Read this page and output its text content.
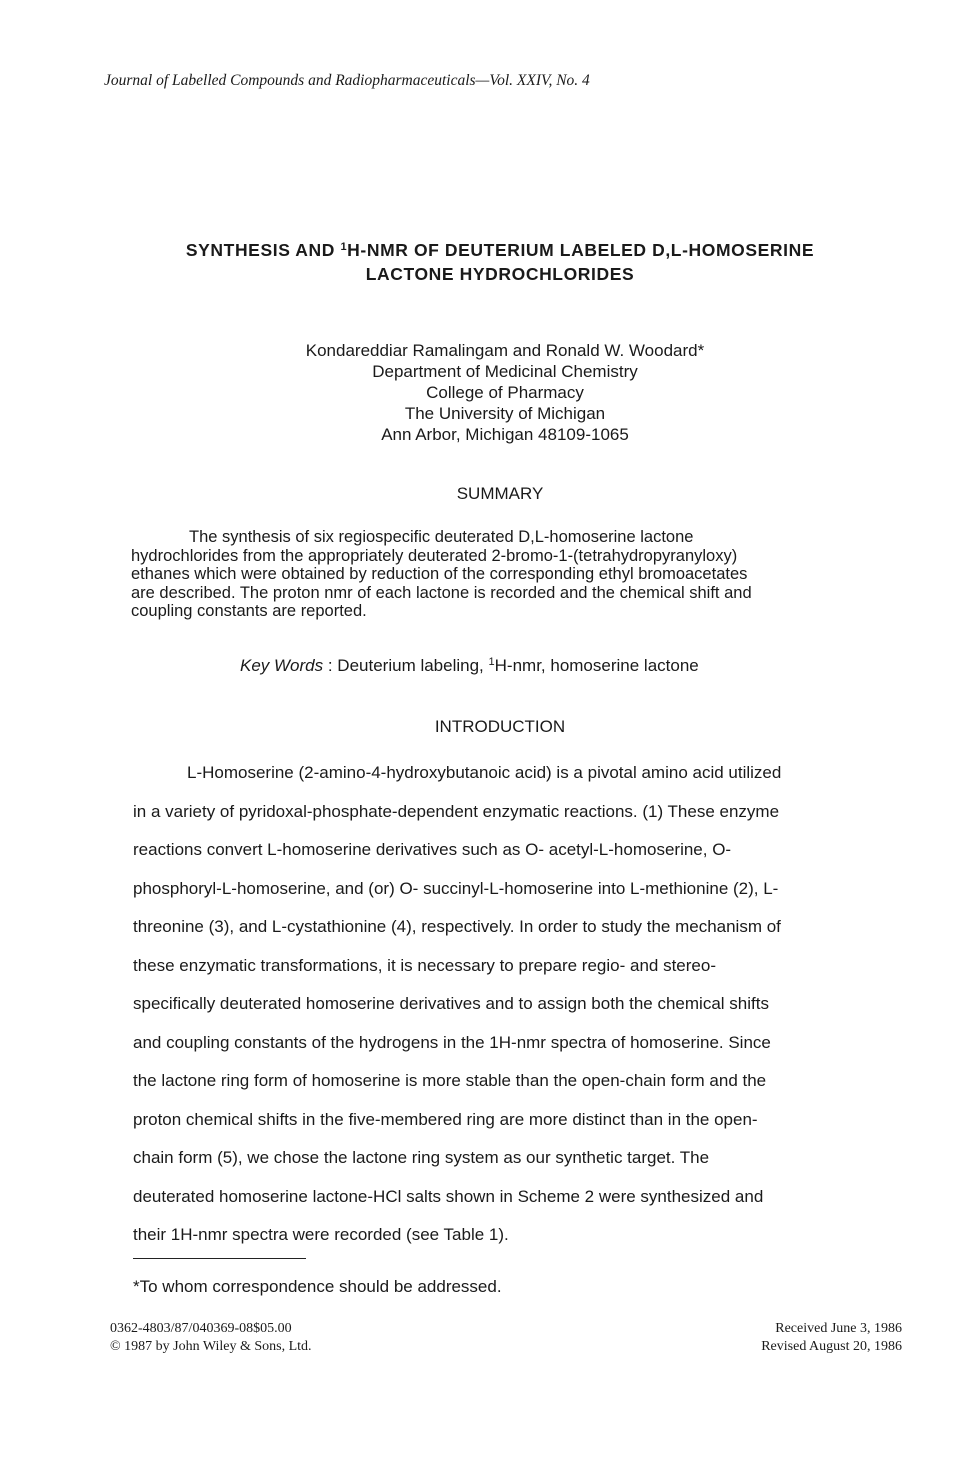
Journal of Labelled Compounds and Radiopharmaceuticals—Vol. XXIV, No. 4
SYNTHESIS AND $^1$H-NMR OF DEUTERIUM LABELED D,L-HOMOSERINE
LACTONE HYDROCHLORIDES
Kondareddiar Ramalingam and Ronald W. Woodard*
Department of Medicinal Chemistry
College of Pharmacy
The University of Michigan
Ann Arbor, Michigan 48109-1065
SUMMARY
The synthesis of six regiospecific deuterated D,L-homoserine lactone
hydrochlorides from the appropriately deuterated 2-bromo-1-(tetrahydropyranyloxy)
ethanes which were obtained by reduction of the corresponding ethyl bromoacetates
are described. The proton nmr of each lactone is recorded and the chemical shift and
coupling constants are reported.
Key Words : Deuterium labeling, $^1$H-nmr, homoserine lactone
INTRODUCTION
L-Homoserine (2-amino-4-hydroxybutanoic acid) is a pivotal amino acid utilized
in a variety of pyridoxal-phosphate-dependent enzymatic reactions. (1) These enzyme
reactions convert L-homoserine derivatives such as O- acetyl-L-homoserine, O-
phosphoryl-L-homoserine, and (or) O- succinyl-L-homoserine into L-methionine (2), L-
threonine (3), and L-cystathionine (4), respectively. In order to study the mechanism of
these enzymatic transformations, it is necessary to prepare regio- and stereo-
specifically deuterated homoserine derivatives and to assign both the chemical shifts
and coupling constants of the hydrogens in the 1H-nmr spectra of homoserine. Since
the lactone ring form of homoserine is more stable than the open-chain form and the
proton chemical shifts in the five-membered ring are more distinct than in the open-
chain form (5), we chose the lactone ring system as our synthetic target. The
deuterated homoserine lactone-HCl salts shown in Scheme 2 were synthesized and
their 1H-nmr spectra were recorded (see Table 1).
*To whom correspondence should be addressed.
0362-4803/87/040369-08$05.00
© 1987 by John Wiley & Sons, Ltd.
Received June 3, 1986
Revised August 20, 1986
